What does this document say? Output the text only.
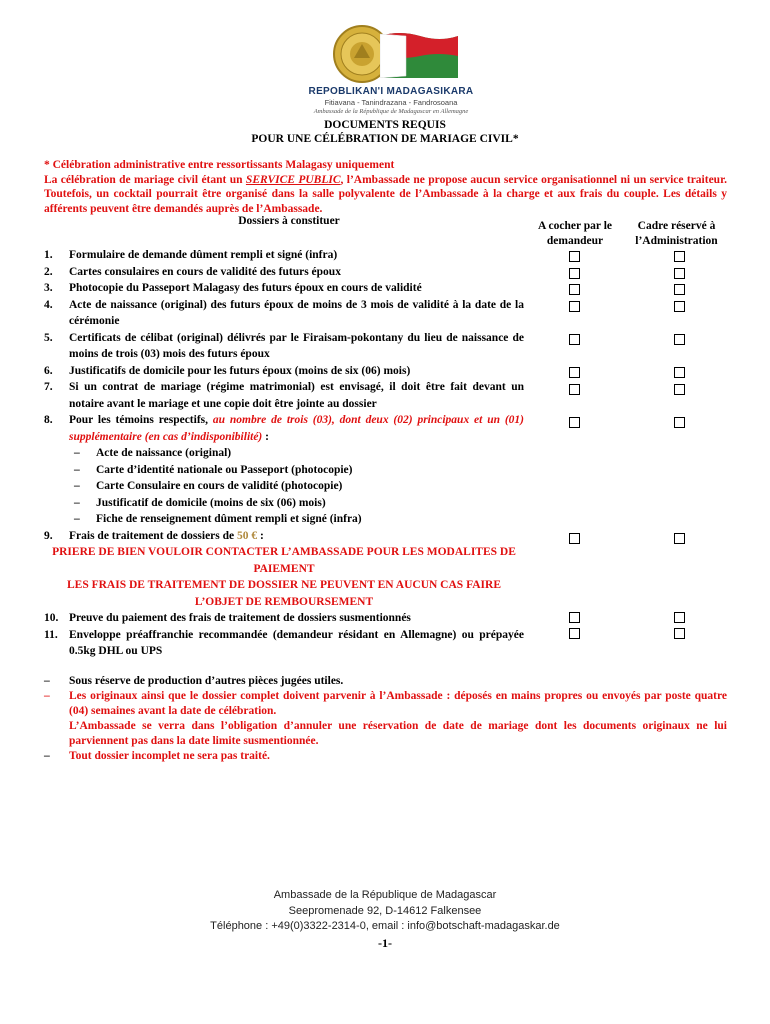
REPOBLIKAN'I MADAGASIKARA
Fitiavana - Tanindrazana - Fandrosoana
Ambassade de la République de Madagascar en Allemagne
DOCUMENTS REQUIS
POUR UNE CÉLÉBRATION DE MARIAGE CIVIL*
* Célébration administrative entre ressortissants Malagasy uniquement
La célébration de mariage civil étant un SERVICE PUBLIC, l’Ambassade ne propose aucun service organisationnel ni un service traiteur. Toutefois, un cocktail pourrait être organisé dans la salle polyvalente de l’Ambassade à la charge et aux frais du couple. Les détails y afférents peuvent être demandés auprès de l’Ambassade.
Dossiers à constituer	A cocher par le demandeur
Cadre réservé à l’Administration
1. Formulaire de demande dûment rempli et signé (infra)
2. Cartes consulaires en cours de validité des futurs époux
3. Photocopie du Passeport Malagasy des futurs époux en cours de validité
4. Acte de naissance (original) des futurs époux de moins de 3 mois de validité à la date de la cérémonie
5. Certificats de célibat (original) délivrés par le Firaisam-pokontany du lieu de naissance de moins de trois (03) mois des futurs époux
6. Justificatifs de domicile pour les futurs époux (moins de six (06) mois)
7. Si un contrat de mariage (régime matrimonial) est envisagé, il doit être fait devant un notaire avant le mariage et une copie doit être jointe au dossier
8. Pour les témoins respectifs, au nombre de trois (03), dont deux (02) principaux et un (01) supplémentaire (en cas d’indisponibilité) :
– Acte de naissance (original)
– Carte d’identité nationale ou Passeport (photocopie)
– Carte Consulaire en cours de validité (photocopie)
– Justificatif de domicile (moins de six (06) mois)
– Fiche de renseignement dûment rempli et signé (infra)
9. Frais de traitement de dossiers de 50 € :
PRIERE DE BIEN VOULOIR CONTACTER L’AMBASSADE POUR LES MODALITES DE PAIEMENT
LES FRAIS DE TRAITEMENT DE DOSSIER NE PEUVENT EN AUCUN CAS FAIRE L’OBJET DE REMBOURSEMENT
10. Preuve du paiement des frais de traitement de dossiers susmentionnés
11. Enveloppe préaffranchie recommandée (demandeur résidant en Allemagne) ou prépayée 0.5kg DHL ou UPS
– Sous réserve de production d’autres pièces jugées utiles.
– Les originaux ainsi que le dossier complet doivent parvenir à l’Ambassade : déposés en mains propres ou envoyés par poste quatre (04) semaines avant la date de célébration.
L’Ambassade se verra dans l’obligation d’annuler une réservation de date de mariage dont les documents originaux ne lui parviennent pas dans la date limite susmentionnée.
– Tout dossier incomplet ne sera pas traité.
Ambassade de la République de Madagascar
Seepromenade 92, D-14612 Falkensee
Téléphone : +49(0)3322-2314-0, email : info@botschaft-madagaskar.de
-1-
